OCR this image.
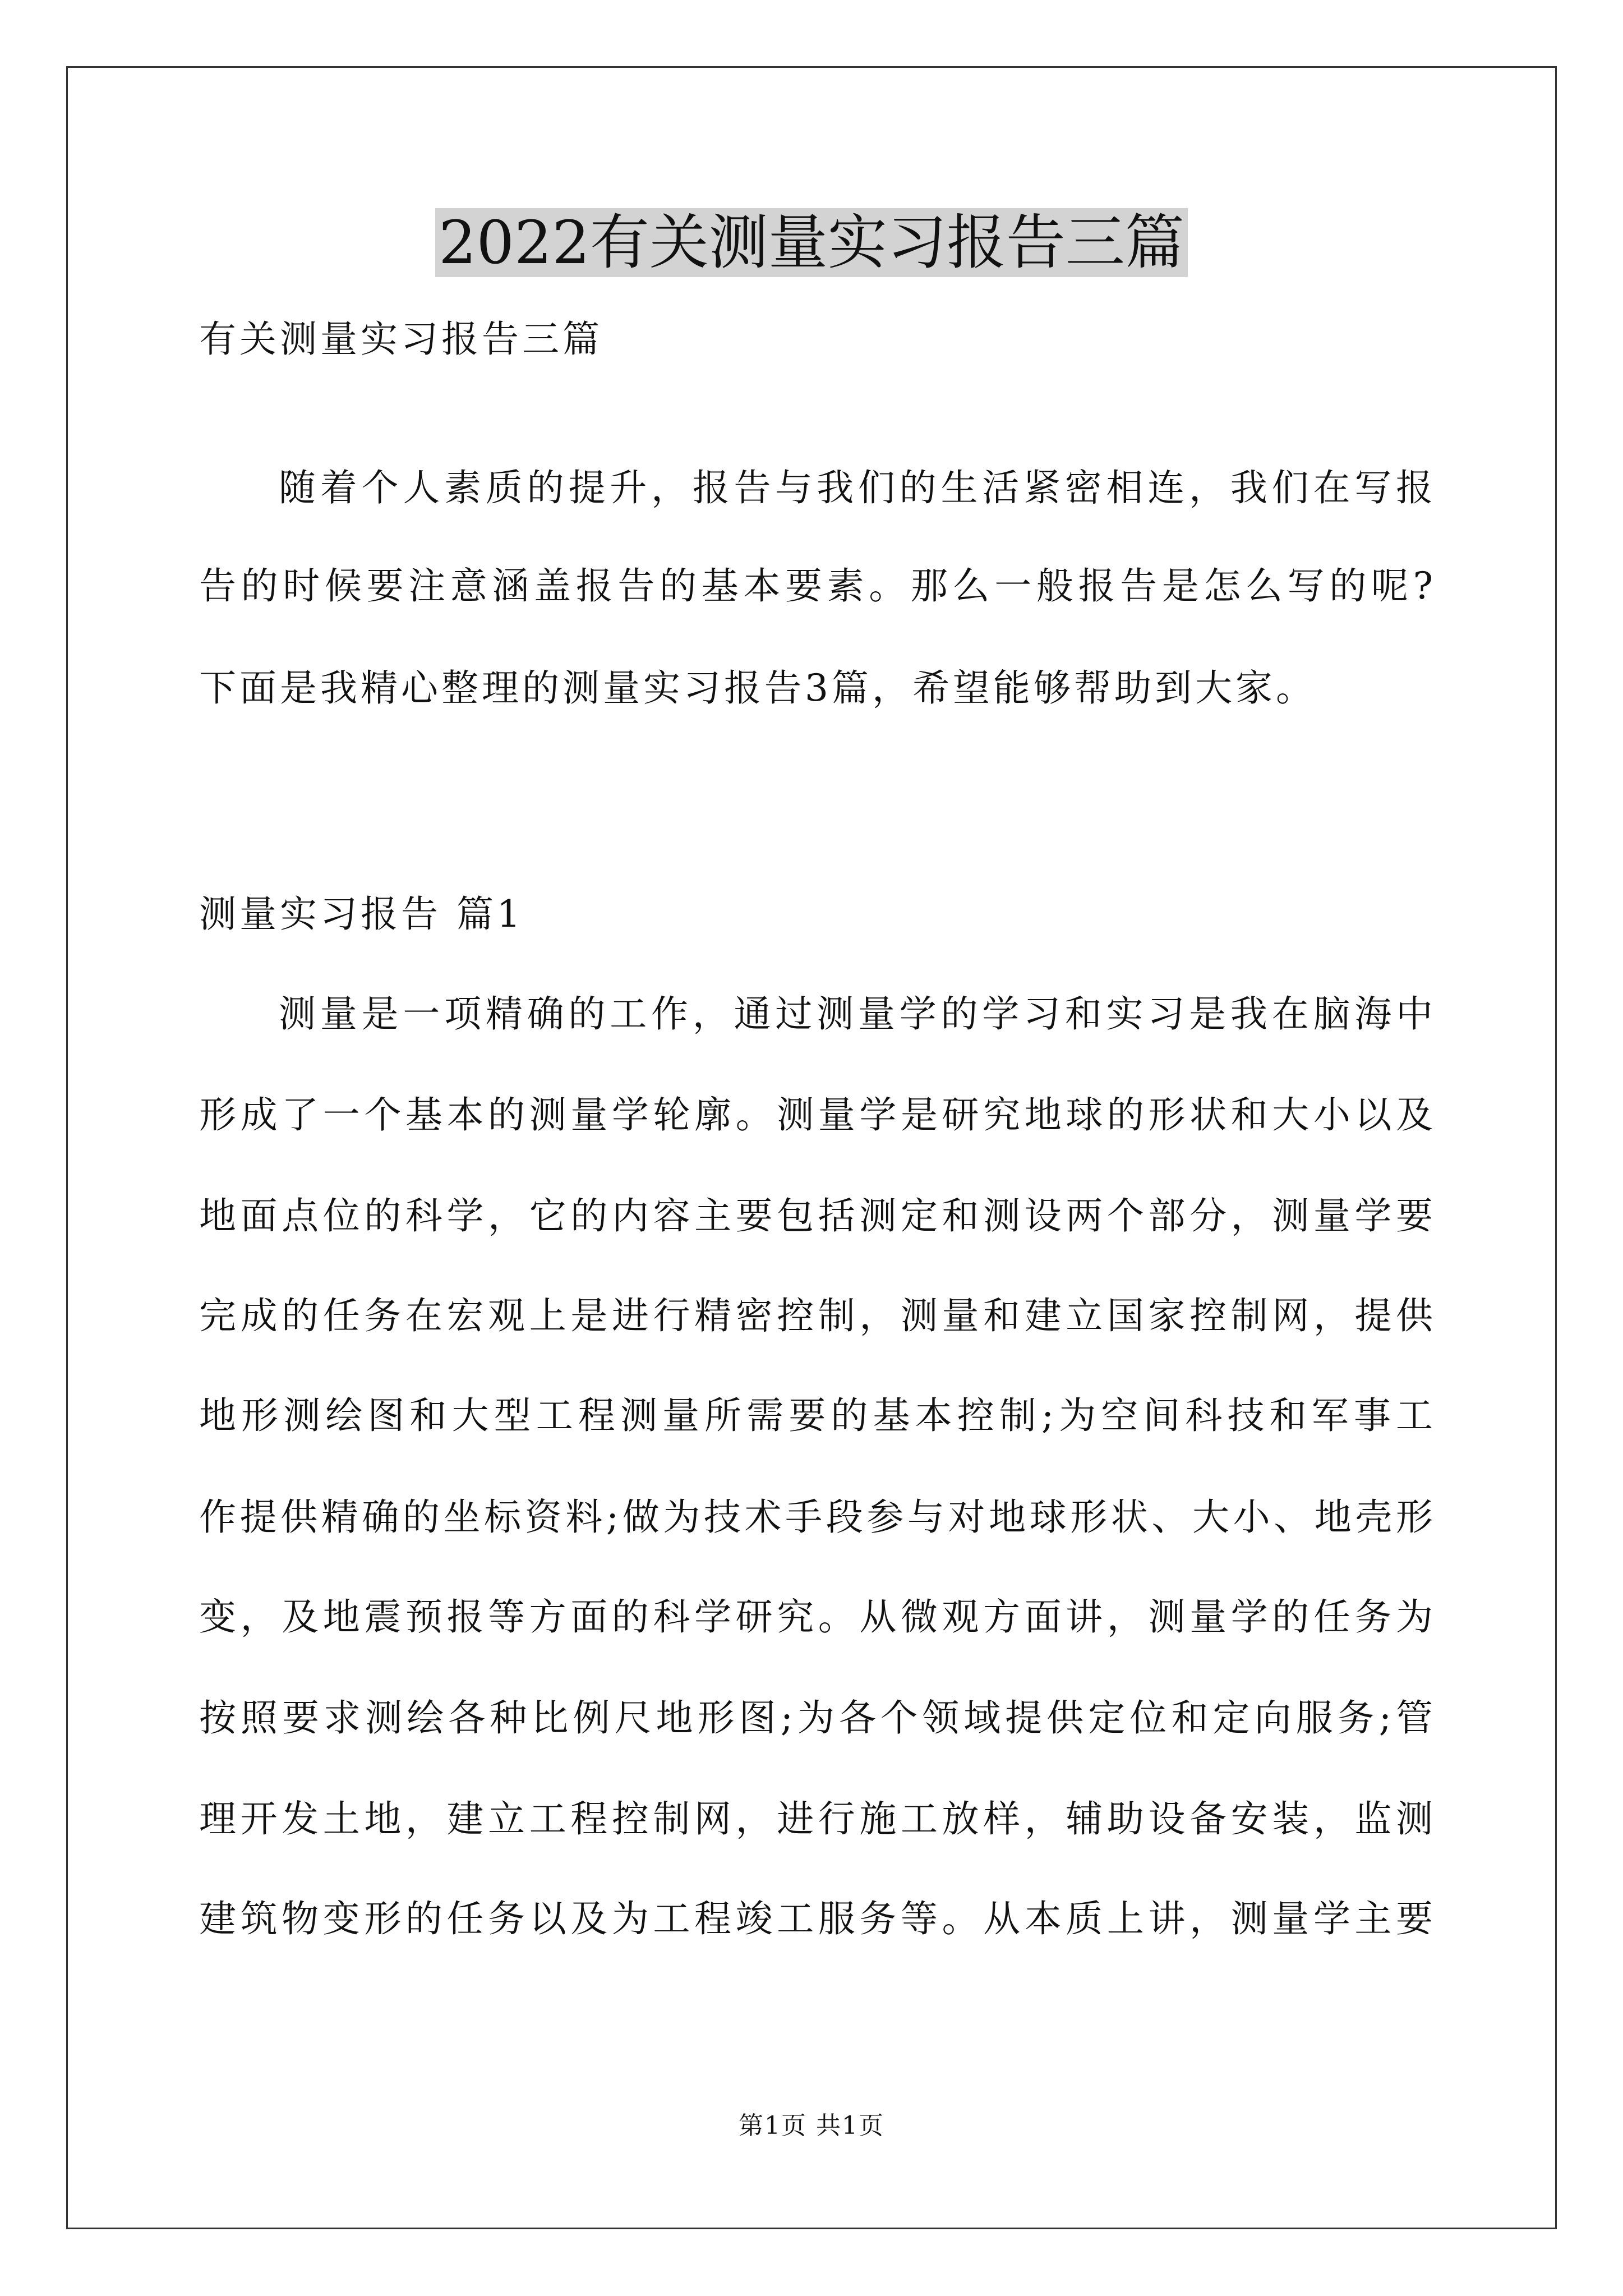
2022有关测量实习报告三篇

有关测量实习报告三篇

随着个人素质的提升，报告与我们的生活紧密相连，我们在写报

告的时候要注意涵盖报告的基本要素。那么一般报告是怎么写的呢?

下面是我精心整理的测量实习报告3篇，希望能够帮助到大家。

测量实习报告 篇1

测量是一项精确的工作，通过测量学的学习和实习是我在脑海中

形成了一个基本的测量学轮廓。测量学是研究地球的形状和大小以及

地面点位的科学，它的内容主要包括测定和测设两个部分，测量学要

完成的任务在宏观上是进行精密控制，测量和建立国家控制网，提供

地形测绘图和大型工程测量所需要的基本控制;为空间科技和军事工

作提供精确的坐标资料;做为技术手段参与对地球形状、大小、地壳形

变，及地震预报等方面的科学研究。从微观方面讲，测量学的任务为

按照要求测绘各种比例尺地形图;为各个领域提供定位和定向服务;管

理开发土地，建立工程控制网，进行施工放样，辅助设备安装，监测

建筑物变形的任务以及为工程竣工服务等。从本质上讲，测量学主要

第1页 共1页
